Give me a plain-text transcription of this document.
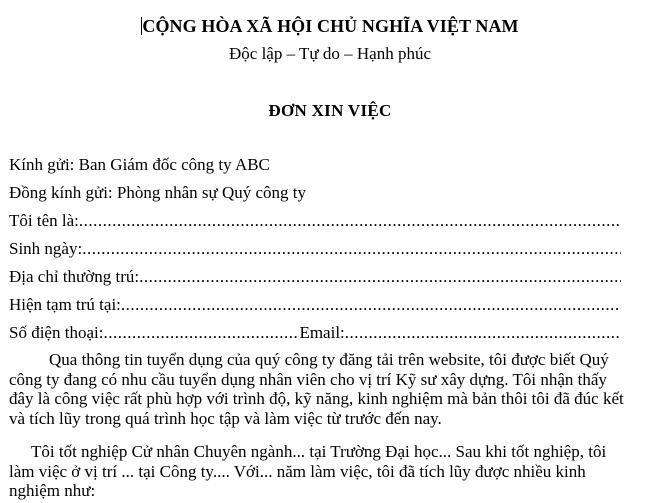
CỘNG HÒA XÃ HỘI CHỦ NGHĨA VIỆT NAM
Độc lập – Tự do – Hạnh phúc
ĐƠN XIN VIỆC
Kính gửi: Ban Giám đốc công ty ABC
Đồng kính gửi: Phòng nhân sự Quý công ty
Tôi tên là:
.....
Sinh ngày:
.....
Địa chỉ thường trú:
.....
Hiện tạm trú tại:
.....
Số điện thoại:
.....	Email:
.....
Qua thông tin tuyển dụng của quý công ty đăng tải trên website, tôi được biết Quý công ty đang có nhu cầu tuyển dụng nhân viên cho vị trí Kỹ sư xây dựng. Tôi nhận thấy đây là công việc rất phù hợp với trình độ, kỹ năng, kinh nghiệm mà bản thôi tôi đã đúc kết và tích lũy trong quá trình học tập và làm việc từ trước đến nay.
Tôi tốt nghiệp Cử nhân Chuyên ngành... tại Trường Đại học... Sau khi tốt nghiệp, tôi làm việc ở vị trí ... tại Công ty.... Với... năm làm việc, tôi đã tích lũy được nhiều kinh nghiệm như:
